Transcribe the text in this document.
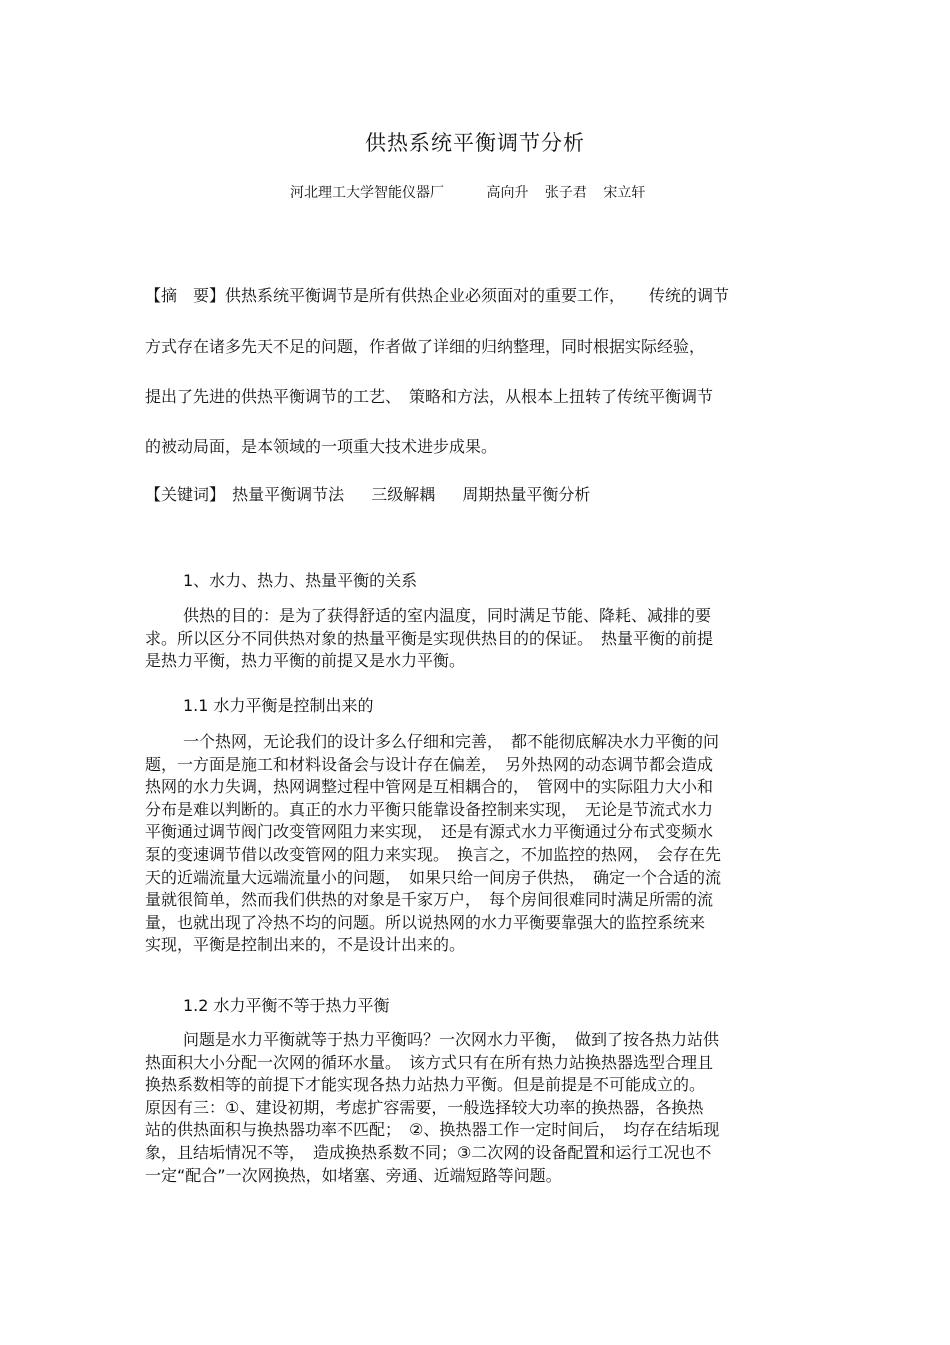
供热系统平衡调节分析
河北理工大学智能仪器厂	高向升 张子君 宋立轩
【摘　要】供热系统平衡调节是所有供热企业必须面对的重要工作，　　传统的调节
方式存在诸多先天不足的问题，作者做了详细的归纳整理，同时根据实际经验，
提出了先进的供热平衡调节的工艺、　策略和方法，从根本上扭转了传统平衡调节
的被动局面，是本领域的一项重大技术进步成果。
【关键词】 热量平衡调节法 三级解耦 周期热量平衡分析
1、水力、热力、热量平衡的关系
供热的目的：是为了获得舒适的室内温度，同时满足节能、降耗、减排的要
求。所以区分不同供热对象的热量平衡是实现供热目的的保证。　热量平衡的前提
是热力平衡，热力平衡的前提又是水力平衡。
1.1 水力平衡是控制出来的
一个热网，无论我们的设计多么仔细和完善，　都不能彻底解决水力平衡的问
题，一方面是施工和材料设备会与设计存在偏差，　另外热网的动态调节都会造成
热网的水力失调，热网调整过程中管网是互相耦合的，　管网中的实际阻力大小和
分布是难以判断的。真正的水力平衡只能靠设备控制来实现，　无论是节流式水力
平衡通过调节阀门改变管网阻力来实现，　还是有源式水力平衡通过分布式变频水
泵的变速调节借以改变管网的阻力来实现。　换言之，不加监控的热网，　会存在先
天的近端流量大远端流量小的问题，　如果只给一间房子供热，　确定一个合适的流
量就很简单，然而我们供热的对象是千家万户，　每个房间很难同时满足所需的流
量，也就出现了冷热不均的问题。所以说热网的水力平衡要靠强大的监控系统来
实现，平衡是控制出来的，不是设计出来的。
1.2 水力平衡不等于热力平衡
问题是水力平衡就等于热力平衡吗？一次网水力平衡，　做到了按各热力站供
热面积大小分配一次网的循环水量。　该方式只有在所有热力站换热器选型合理且
换热系数相等的前提下才能实现各热力站热力平衡。但是前提是不可能成立的。
原因有三：①、建设初期，考虑扩容需要，一般选择较大功率的换热器，各换热
站的供热面积与换热器功率不匹配；　②、换热器工作一定时间后，　均存在结垢现
象，且结垢情况不等，　造成换热系数不同；③二次网的设备配置和运行工况也不
一定“配合”一次网换热，如堵塞、旁通、近端短路等问题。
